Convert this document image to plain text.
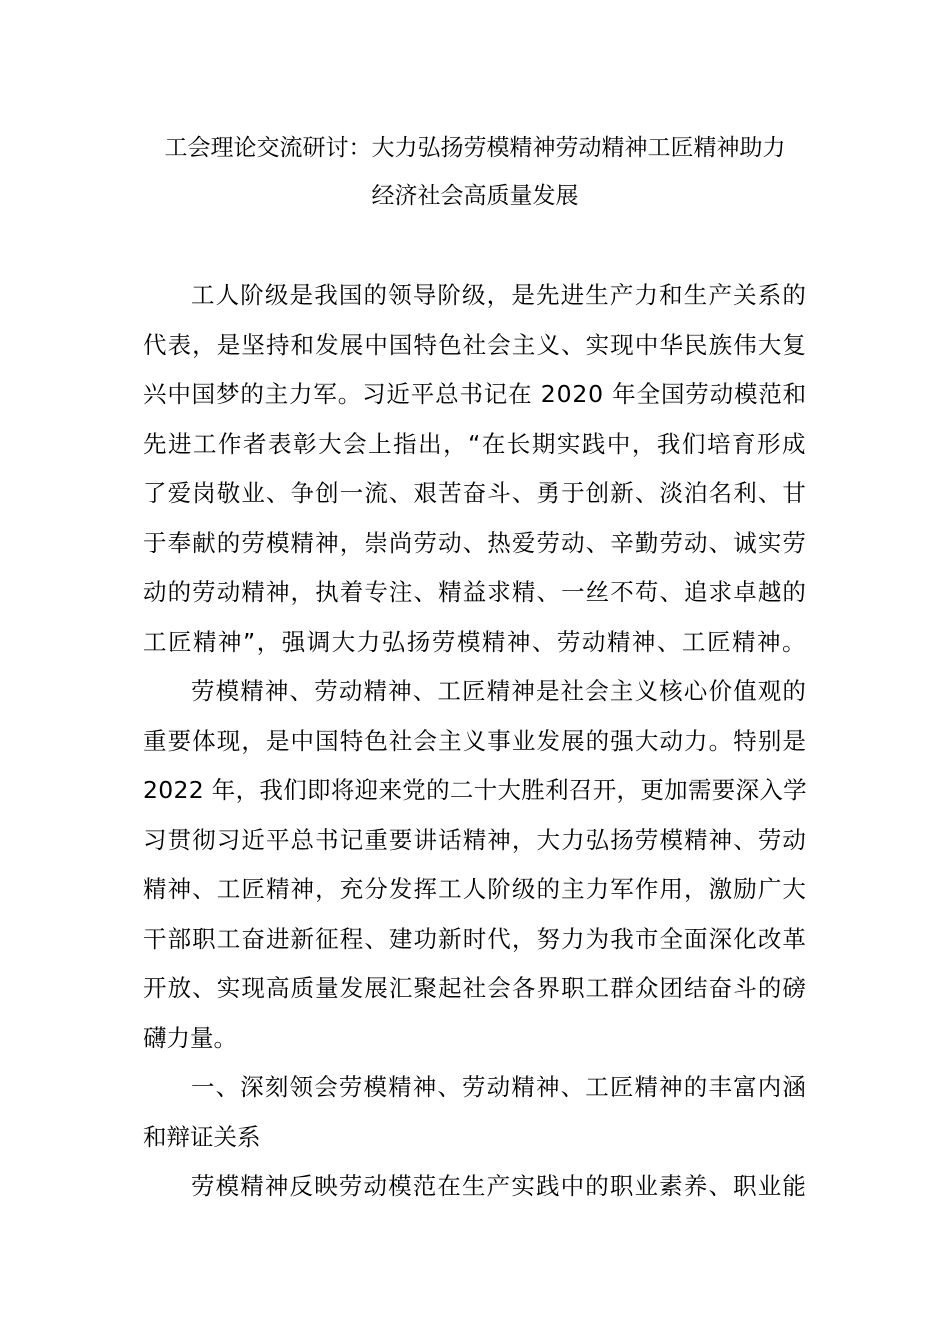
工会理论交流研讨：大力弘扬劳模精神劳动精神工匠精神助力
经济社会高质量发展
工人阶级是我国的领导阶级，是先进生产力和生产关系的
代表，是坚持和发展中国特色社会主义、实现中华民族伟大复
兴中国梦的主力军。习近平总书记在 2020 年全国劳动模范和
先进工作者表彰大会上指出，“在长期实践中，我们培育形成
了爱岗敬业、争创一流、艰苦奋斗、勇于创新、淡泊名利、甘
于奉献的劳模精神，崇尚劳动、热爱劳动、辛勤劳动、诚实劳
动的劳动精神，执着专注、精益求精、一丝不苟、追求卓越的
工匠精神”，强调大力弘扬劳模精神、劳动精神、工匠精神。
劳模精神、劳动精神、工匠精神是社会主义核心价值观的
重要体现，是中国特色社会主义事业发展的强大动力。特别是
2022 年，我们即将迎来党的二十大胜利召开，更加需要深入学
习贯彻习近平总书记重要讲话精神，大力弘扬劳模精神、劳动
精神、工匠精神，充分发挥工人阶级的主力军作用，激励广大
干部职工奋进新征程、建功新时代，努力为我市全面深化改革
开放、实现高质量发展汇聚起社会各界职工群众团结奋斗的磅
礴力量。
一、深刻领会劳模精神、劳动精神、工匠精神的丰富内涵
和辩证关系
劳模精神反映劳动模范在生产实践中的职业素养、职业能
